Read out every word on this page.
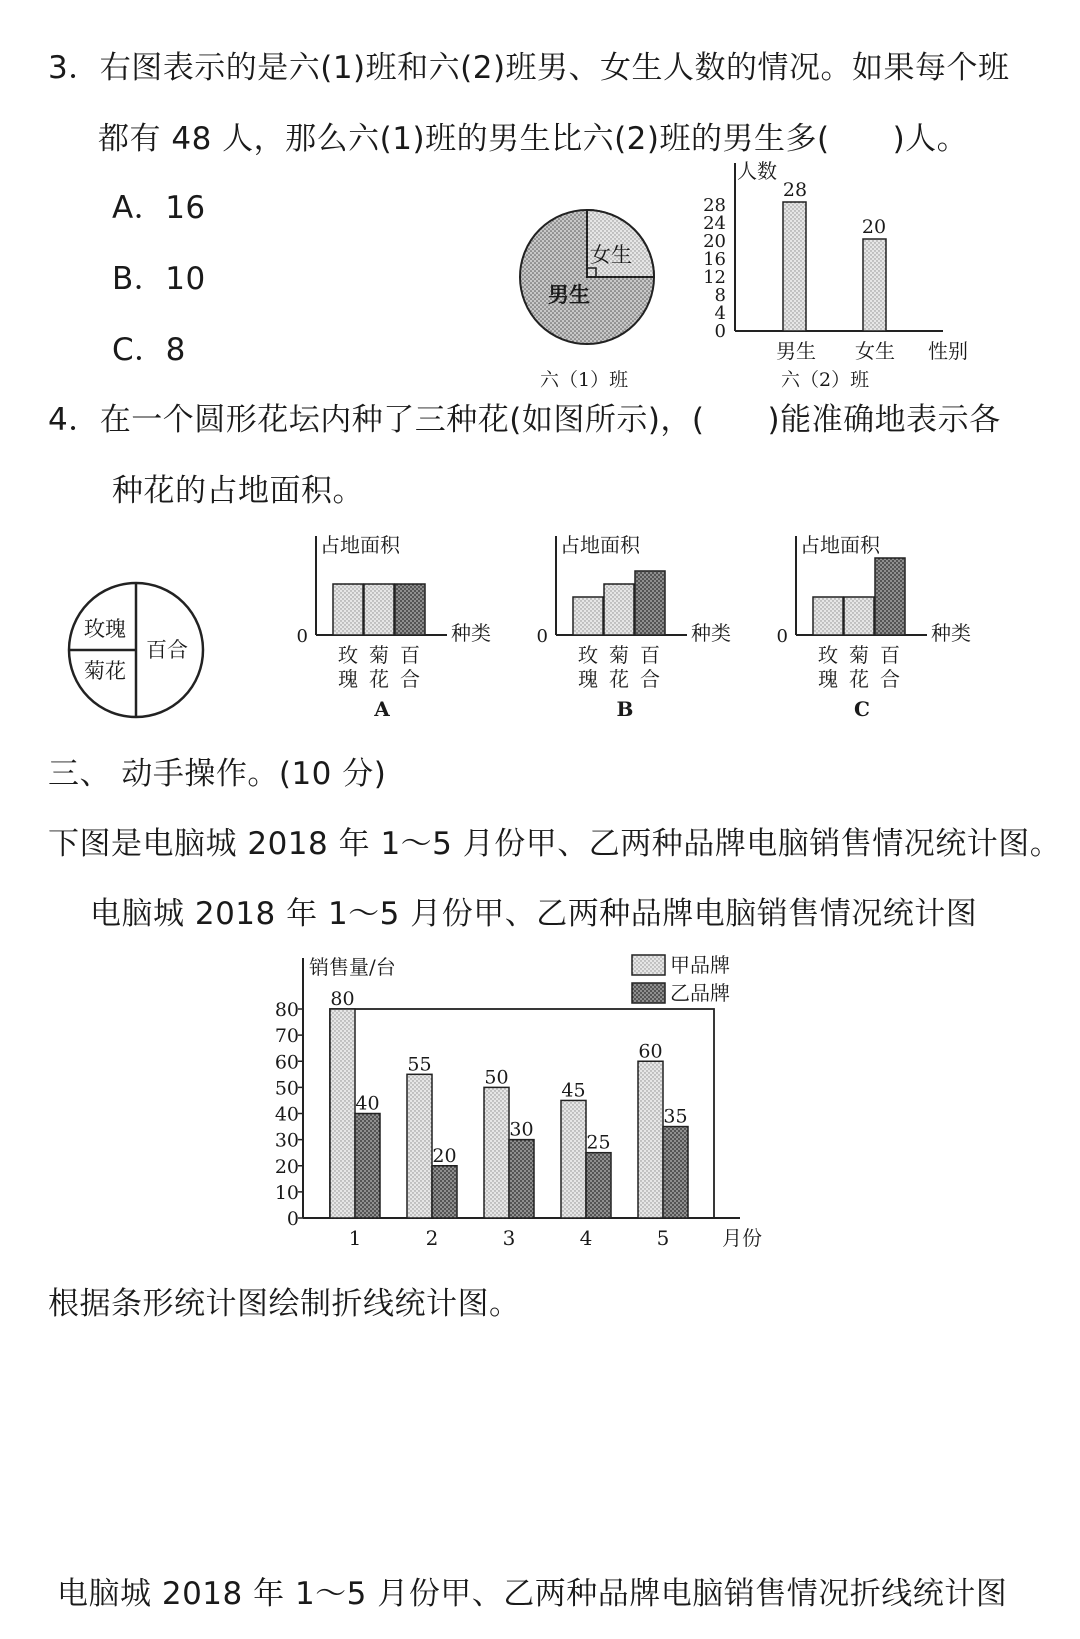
3．右图表示的是六(1)班和六(2)班男、女生人数的情况。如果每个班
都有 48 人，那么六(1)班的男生比六(2)班的男生多(　　)人。
A．16
B．10
C．8
女生
男生
六（1）班
人数
0
4
8
12
16
20
24
28
28
20
男生 女生 性别
六（2）班
玫瑰
菊花
百合
占地面积
0	种类
玫
瑰
菊
花
百
合
A
占地面积
0	种类
玫
瑰
菊
花
百
合
B
占地面积
0	种类
玫
瑰
菊
花
百
合
C
销售量/台
月份
0
10
20
30
40
50
60
70
80 80
40
55
20
50
30
45
25
60
35
1	2	3	4	5
甲品牌
乙品牌
4．在一个圆形花坛内种了三种花(如图所示)，(　　)能准确地表示各
种花的占地面积。
三、 动手操作。(10 分)
下图是电脑城 2018 年 1～5 月份甲、乙两种品牌电脑销售情况统计图。
电脑城 2018 年 1～5 月份甲、乙两种品牌电脑销售情况统计图
根据条形统计图绘制折线统计图。
电脑城 2018 年 1～5 月份甲、乙两种品牌电脑销售情况折线统计图
